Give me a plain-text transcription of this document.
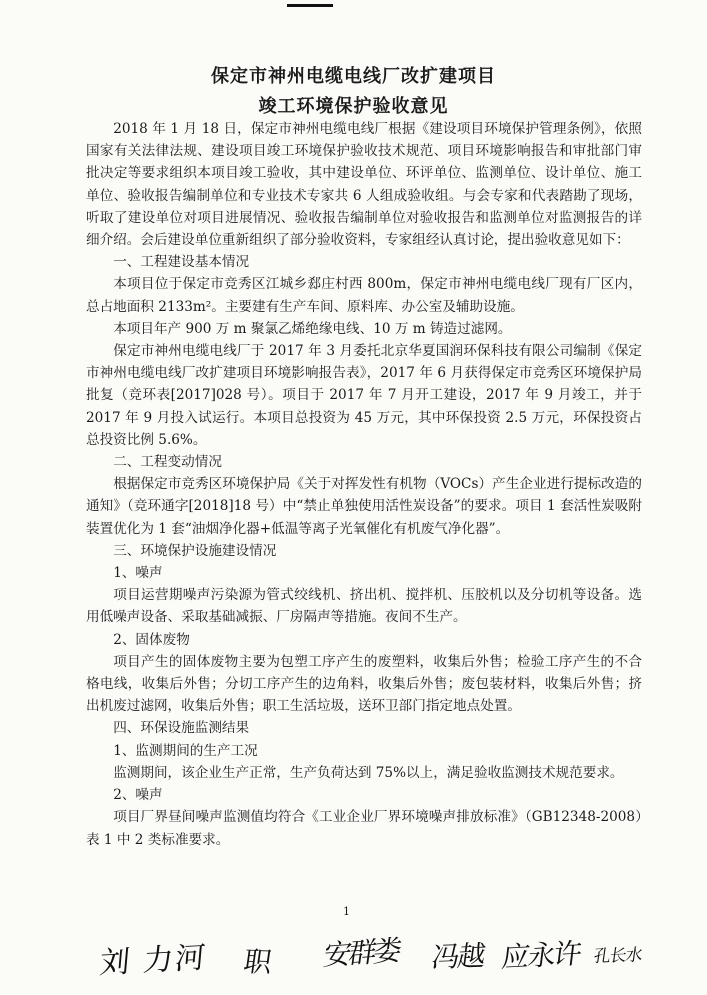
保定市神州电缆电线厂改扩建项目
竣工环境保护验收意见

2018 年 1 月 18 日，保定市神州电缆电线厂根据《建设项目环境保护管理条例》，依照国家有关法律法规、建设项目竣工环境保护验收技术规范、项目环境影响报告和审批部门审批决定等要求组织本项目竣工验收，其中建设单位、环评单位、监测单位、设计单位、施工单位、验收报告编制单位和专业技术专家共 6 人组成验收组。与会专家和代表踏勘了现场，听取了建设单位对项目进展情况、验收报告编制单位对验收报告和监测单位对监测报告的详细介绍。会后建设单位重新组织了部分验收资料，专家组经认真讨论，提出验收意见如下：

一、工程建设基本情况

本项目位于保定市竞秀区江城乡郄庄村西 800m，保定市神州电缆电线厂现有厂区内，总占地面积 2133m²。主要建有生产车间、原料库、办公室及辅助设施。

本项目年产 900 万 m 聚氯乙烯绝缘电线、10 万 m 铸造过滤网。

保定市神州电缆电线厂于 2017 年 3 月委托北京华夏国润环保科技有限公司编制《保定市神州电缆电线厂改扩建项目环境影响报告表》，2017 年 6 月获得保定市竞秀区环境保护局批复（竞环表[2017]028 号）。项目于 2017 年 7 月开工建设，2017 年 9 月竣工，并于 2017 年 9 月投入试运行。本项目总投资为 45 万元，其中环保投资 2.5 万元，环保投资占总投资比例 5.6%。

二、工程变动情况

根据保定市竞秀区环境保护局《关于对挥发性有机物（VOCs）产生企业进行提标改造的通知》（竞环通字[2018]18 号）中“禁止单独使用活性炭设备”的要求。项目 1 套活性炭吸附装置优化为 1 套“油烟净化器+低温等离子光氧催化有机废气净化器”。

三、环境保护设施建设情况

1、噪声

项目运营期噪声污染源为管式绞线机、挤出机、搅拌机、压胶机以及分切机等设备。选用低噪声设备、采取基础减振、厂房隔声等措施。夜间不生产。

2、固体废物

项目产生的固体废物主要为包塑工序产生的废塑料，收集后外售；检验工序产生的不合格电线，收集后外售；分切工序产生的边角料，收集后外售；废包装材料，收集后外售；挤出机废过滤网，收集后外售；职工生活垃圾，送环卫部门指定地点处置。

四、环保设施监测结果

1、监测期间的生产工况

监测期间，该企业生产正常，生产负荷达到 75%以上，满足验收监测技术规范要求。

2、噪声

项目厂界昼间噪声监测值均符合《工业企业厂界环境噪声排放标准》（GB12348-2008）表 1 中 2 类标准要求。

1
刘 力河 职 安群娄 冯越 应永许 孔长水
